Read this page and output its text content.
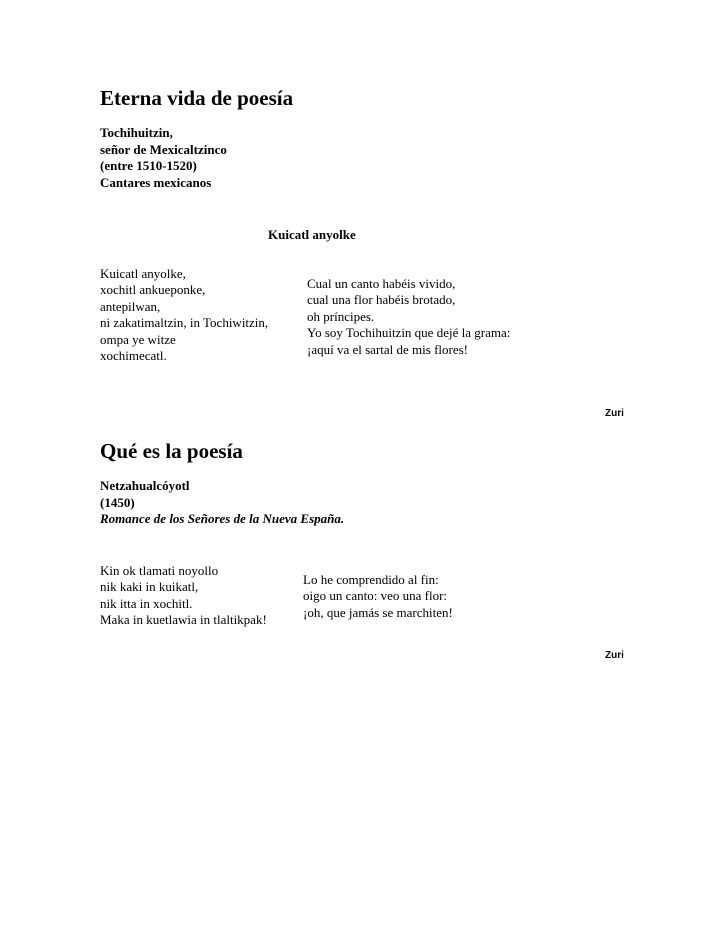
Eterna vida de poesía
Tochihuitzin,
señor de Mexicaltzinco
(entre 1510-1520)
Cantares mexicanos
Kuicatl anyolke
Kuicatl anyolke,
xochitl ankueponke,
antepilwan,
ni zakatimaltzin, in Tochiwitzin,
ompa ye witze
xochimecatl.
Cual un canto habéis vivido,
cual una flor habéis brotado,
oh príncipes.
Yo soy Tochihuitzin que dejé la grama:
¡aquí va el sartal de mis flores!
Zuri
Qué es la poesía
Netzahualcóyotl
(1450)
Romance de los Señores de la Nueva España.
Kin ok tlamati noyollo
nik kaki in kuikatl,
nik itta in xochitl.
Maka in kuetlawia in tlaltikpak!
Lo he comprendido al fin:
oigo un canto: veo una flor:
¡oh, que jamás se marchiten!
Zuri
